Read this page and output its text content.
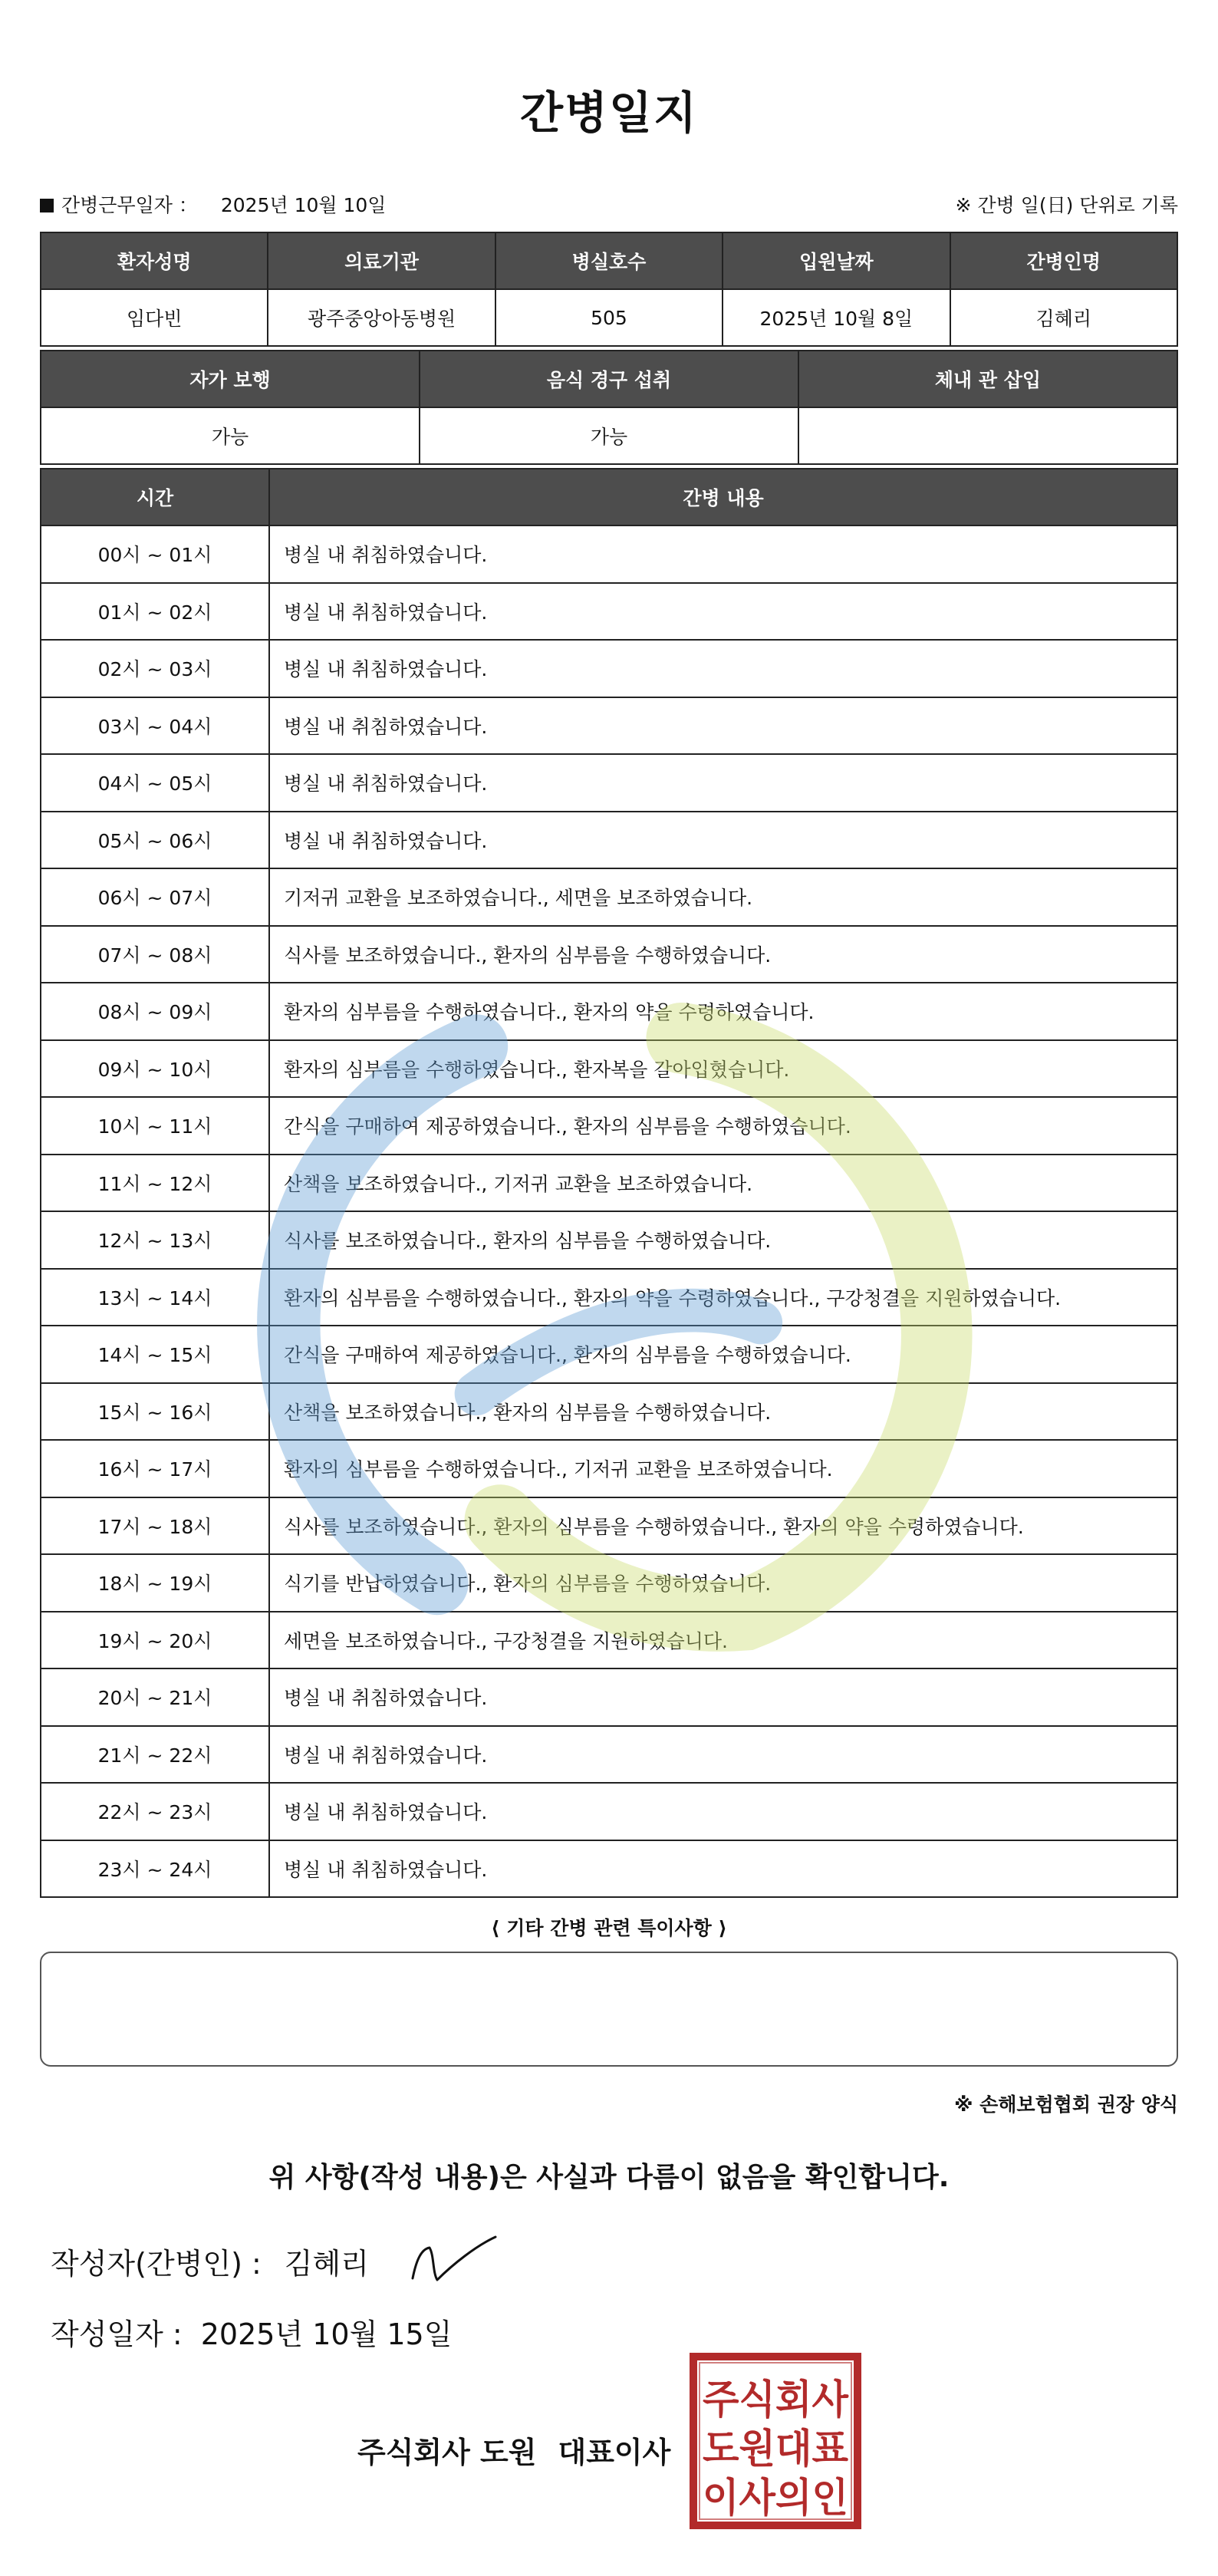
간병일지
간병근무일자 ： 2025년 10월 10일	※ 간병 일(日) 단위로 기록
환자성명	의료기관	병실호수	입원날짜	간병인명
임다빈	광주중앙아동병원	505	2025년 10월 8일	김혜리
자가 보행	음식 경구 섭취	체내 관 삽입
가능	가능	
시간	간병 내용
00시 ~ 01시	병실 내 취침하였습니다.
01시 ~ 02시	병실 내 취침하였습니다.
02시 ~ 03시	병실 내 취침하였습니다.
03시 ~ 04시	병실 내 취침하였습니다.
04시 ~ 05시	병실 내 취침하였습니다.
05시 ~ 06시	병실 내 취침하였습니다.
06시 ~ 07시	기저귀 교환을 보조하였습니다., 세면을 보조하였습니다.
07시 ~ 08시	식사를 보조하였습니다., 환자의 심부름을 수행하였습니다.
08시 ~ 09시	환자의 심부름을 수행하였습니다., 환자의 약을 수령하였습니다.
09시 ~ 10시	환자의 심부름을 수행하였습니다., 환자복을 갈아입혔습니다.
10시 ~ 11시	간식을 구매하여 제공하였습니다., 환자의 심부름을 수행하였습니다.
11시 ~ 12시	산책을 보조하였습니다., 기저귀 교환을 보조하였습니다.
12시 ~ 13시	식사를 보조하였습니다., 환자의 심부름을 수행하였습니다.
13시 ~ 14시	환자의 심부름을 수행하였습니다., 환자의 약을 수령하였습니다., 구강청결을 지원하였습니다.
14시 ~ 15시	간식을 구매하여 제공하였습니다., 환자의 심부름을 수행하였습니다.
15시 ~ 16시	산책을 보조하였습니다., 환자의 심부름을 수행하였습니다.
16시 ~ 17시	환자의 심부름을 수행하였습니다., 기저귀 교환을 보조하였습니다.
17시 ~ 18시	식사를 보조하였습니다., 환자의 심부름을 수행하였습니다., 환자의 약을 수령하였습니다.
18시 ~ 19시	식기를 반납하였습니다., 환자의 심부름을 수행하였습니다.
19시 ~ 20시	세면을 보조하였습니다., 구강청결을 지원하였습니다.
20시 ~ 21시	병실 내 취침하였습니다.
21시 ~ 22시	병실 내 취침하였습니다.
22시 ~ 23시	병실 내 취침하였습니다.
23시 ~ 24시	병실 내 취침하였습니다.
⟨ 기타 간병 관련 특이사항 ⟩
※ 손해보험협회 권장 양식
위 사항(작성 내용)은 사실과 다름이 없음을 확인합니다.
작성자(간병인) : 김혜리
작성일자 : 2025년 10월 15일
주식회사 도원 대표이사
주식회사
도원대표
이사의인
